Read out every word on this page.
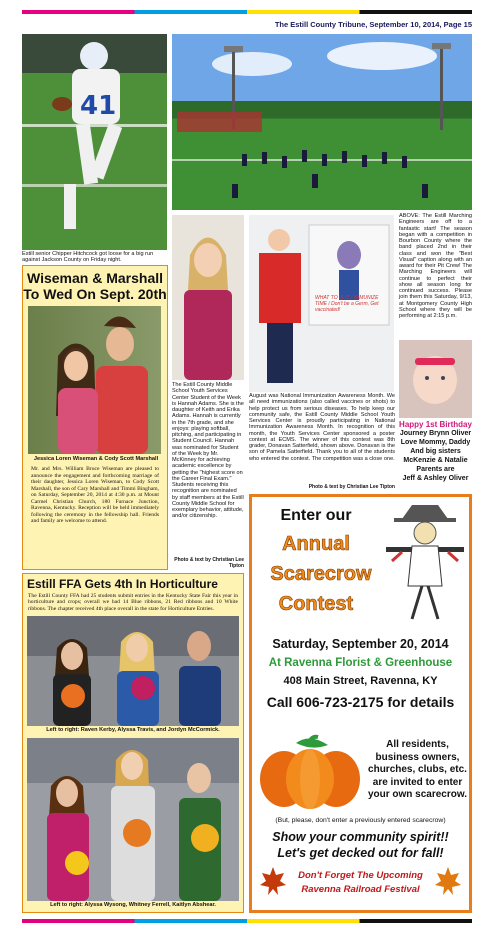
The Estill County Tribune, September 10, 2014, Page 15
41
Estill senior Chipper Hitchcock got loose for a big run against Jackson County on Friday night.
The Estill County Middle School Youth Services Center Student of the Week is Hannah Adams. She is the daughter of Keith and Erika Adams. Hannah is currently in the 7th grade, and she enjoys: playing softball, pitching, and participating in Student Council. Hannah was nominated for Student of the Week by Mr. McKinney for achieving academic excellence by getting the "highest score on the Career Final Exam." Students receiving this recognition are nominated by staff members at the Estill County Middle School for exemplary behavior, attitude, and/or citizenship.
Photo & text by Christian Lee Tipton
WHAT TO IS IT / IMMUNIZE TIME / Don't be a Germ, Get vaccinated!
August was National Immunization Awareness Month. We all need immunizations (also called vaccines or shots) to help protect us from serious diseases. To help keep our community safe, the Estill County Middle School Youth Services Center is proudly participating in National Immunization Awareness Month. In recognition of this month, the Youth Services Center sponsored a poster contest at ECMS. The winner of this contest was 8th grader, Donavan Satterfield, shown above. Donavan is the son of Pamela Satterfield. Thank you to all of the students who entered the contest. The competition was a close one.
Photo & text by Christian Lee Tipton
ABOVE: The Estill Marching Engineers are off to a fantastic start! The season began with a competition in Bourbon County where the band placed 2nd in their class and won the "Best Visual" caption along with an award for their Pit Crew! The Marching Engineers will continue to perfect their show all season long for continued success. Please join them this Saturday, 9/13, at Montgomery County High School where they will be performing at 2:15 p.m.
Happy 1st Birthday
Journey Brynn Oliver
Love Mommy, Daddy
And big sisters
McKenzie & Natalie
Parents are
Jeff & Ashley Oliver
Wiseman & Marshall
To Wed On Sept. 20th
Jessica Loren Wiseman & Cody Scott Marshall
Mr. and Mrs. William Bruce Wiseman are pleased to announce the engagement and forthcoming marriage of their daughter, Jessica Loren Wiseman, to Cody Scott Marshall, the son of Cary Marshall and Timmi Bingham, on Saturday, September 20, 2014 at 4:30 p.m. at Mount Carmel Christian Church, 180 Furnace Junction, Ravenna, Kentucky. Reception will be held immediately following the ceremony in the fellowship hall. Friends and family are welcome to attend.
Estill FFA Gets 4th In Horticulture
The Estill County FFA had 25 students submit entries in the Kentucky State Fair this year in horticulture and crops; overall we had 14 Blue ribbons, 21 Red ribbons and 10 White ribbons. The chapter received 4th place overall in the state for Horticulture Entries.
Left to right: Raven Kerby, Alyssa Travis, and Jordyn McCormick.
Left to right: Alyssa Wysong, Whitney Ferrell, Kaitlyn Abshear.
Enter our
Annual
Scarecrow
Contest
Saturday, September 20, 2014
At Ravenna Florist & Greenhouse
408 Main Street, Ravenna, KY
Call 606-723-2175 for details
All residents, business owners, churches, clubs, etc. are invited to enter your own scarecrow.
(But, please, don't enter a previously entered scarecrow)
Show your community spirit!!
Let's get decked out for fall!
Don't Forget The Upcoming
Ravenna Railroad Festival
